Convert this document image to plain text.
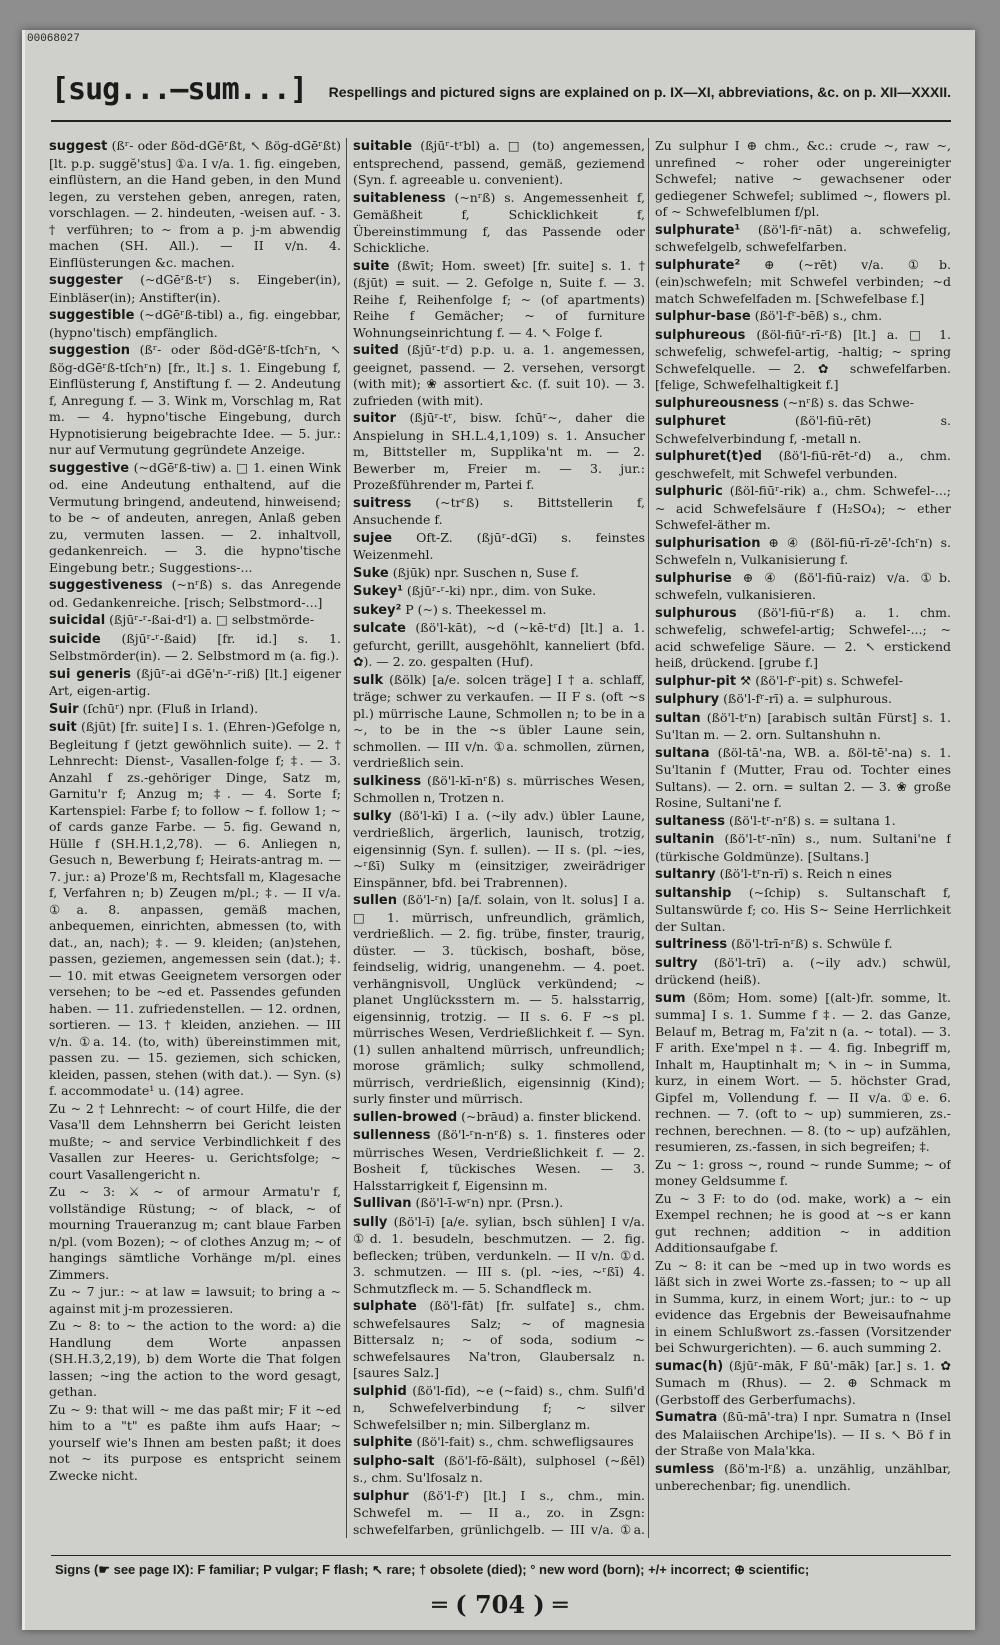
00068027
[sug...—sum...] Respellings and pictured signs are explained on p. IX—XI, abbreviations, &c. on p. XII—XXXII.
suggest (ßʳ- oder ßöd-dGēʳßt, ↖ ßög-dGēʳßt) [lt. p.p. suggĕ'stus] ①a. I v/a. 1. fig. eingeben, einflüstern, an die Hand geben, in den Mund legen, zu verstehen geben, anregen, raten, vorschlagen. — 2. hindeuten, -weisen auf. - 3. † verführen; to ~ from a p. j-m abwendig machen (SH. All.). — II v/n. 4. Einflüsterungen &c. machen.
suggester (~dGēʳß-tʳ) s. Eingeber(in), Einbläser(in); Anstifter(in).
suggestible (~dGēʳß-tibl) a., fig. eingebbar, (hypno'tisch) empfänglich.
suggestion (ßʳ- oder ßöd-dGēʳß-tſchʳn, ↖ ßög-dGēʳß-tſchʳn) [fr., lt.] s. 1. Eingebung f, Einflüsterung f, Anstiftung f. — 2. Andeutung f, Anregung f. — 3. Wink m, Vorschlag m, Rat m. — 4. hypno'tische Eingebung, durch Hypnotisierung beigebrachte Idee. — 5. jur.: nur auf Vermutung gegründete Anzeige.
suggestive (~dGēʳß-tiw) a. □ 1. einen Wink od. eine Andeutung enthaltend, auf die Vermutung bringend, andeutend, hinweisend; to be ~ of andeuten, anregen, Anlaß geben zu, vermuten lassen. — 2. inhaltvoll, gedankenreich. — 3. die hypno'tische Eingebung betr.; Suggestions-...
suggestiveness (~nʳß) s. das Anregende od. Gedankenreiche. [risch; Selbstmord-...]
suicidal (ßjūʳ-ʳ-ßai-dʳl) a. □ selbstmörde-
suicide (ßjūʳ-ʳ-ßaid) [fr. id.] s. 1. Selbstmörder(in). — 2. Selbstmord m (a. fig.).
sui generis (ßjūʳ-ai dGē'n-ʳ-riß) [lt.] eigener Art, eigen-artig.
Suir (ſchūʳ) npr. (Fluß in Irland).
suit (ßjūt) [fr. suite] I s. 1. (Ehren-)Gefolge n, Begleitung f (jetzt gewöhnlich suite). — 2. † Lehnrecht: Dienst-, Vasallen-folge f; ‡. — 3. Anzahl f zs.-gehöriger Dinge, Satz m, Garnitu'r f; Anzug m; ‡. — 4. Sorte f; Kartenspiel: Farbe f; to follow ~ f. follow 1; ~ of cards ganze Farbe. — 5. fig. Gewand n, Hülle f (SH.H.1,2,78). — 6. Anliegen n, Gesuch n, Bewerbung f; Heirats-antrag m. — 7. jur.: a) Proze'ß m, Rechtsfall m, Klagesache f, Verfahren n; b) Zeugen m/pl.; ‡. — II v/a. ①a. 8. anpassen, gemäß machen, anbequemen, einrichten, abmessen (to, with dat., an, nach); ‡. — 9. kleiden; (an)stehen, passen, geziemen, angemessen sein (dat.); ‡. — 10. mit etwas Geeignetem versorgen oder versehen; to be ~ed et. Passendes gefunden haben. — 11. zufriedenstellen. — 12. ordnen, sortieren. — 13. † kleiden, anziehen. — III v/n. ①a. 14. (to, with) übereinstimmen mit, passen zu. — 15. geziemen, sich schicken, kleiden, passen, stehen (with dat.). — Syn. (s) f. accommodate¹ u. (14) agree.
Zu ~ 2 † Lehnrecht: ~ of court Hilfe, die der Vasa'll dem Lehnsherrn bei Gericht leisten mußte; ~ and service Verbindlichkeit f des Vasallen zur Heeres- u. Gerichtsfolge; ~ court Vasallengericht n.
Zu ~ 3: ⚔ ~ of armour Armatu'r f, vollständige Rüstung; ~ of black, ~ of mourning Traueranzug m; cant blaue Farben n/pl. (vom Bozen); ~ of clothes Anzug m; ~ of hangings sämtliche Vorhänge m/pl. eines Zimmers.
Zu ~ 7 jur.: ~ at law = lawsuit; to bring a ~ against mit j-m prozessieren.
Zu ~ 8: to ~ the action to the word: a) die Handlung dem Worte anpassen (SH.H.3,2,19), b) dem Worte die That folgen lassen; ~ing the action to the word gesagt, gethan.
Zu ~ 9: that will ~ me das paßt mir; F it ~ed him to a "t" es paßte ihm aufs Haar; ~ yourself wie's Ihnen am besten paßt; it does not ~ its purpose es entspricht seinem Zwecke nicht.
suitable (ßjūʳ-tʳbl) a. □ (to) angemessen, entsprechend, passend, gemäß, geziemend (Syn. f. agreeable u. convenient).
suitableness (~nʳß) s. Angemessenheit f, Gemäßheit f, Schicklichkeit f, Übereinstimmung f, das Passende oder Schickliche.
suite (ßwīt; Hom. sweet) [fr. suite] s. 1. † (ßjūt) = suit. — 2. Gefolge n, Suite f. — 3. Reihe f, Reihenfolge f; ~ (of apartments) Reihe f Gemächer; ~ of furniture Wohnungseinrichtung f. — 4. ↖ Folge f.
suited (ßjūʳ-tʳd) p.p. u. a. 1. angemessen, geeignet, passend. — 2. versehen, versorgt (with mit); ❀ assortiert &c. (f. suit 10). — 3. zufrieden (with mit).
suitor (ßjūʳ-tʳ, bisw. ſchūʳ~, daher die Anspielung in SH.L.4,1,109) s. 1. Ansucher m, Bittsteller m, Supplika'nt m. — 2. Bewerber m, Freier m. — 3. jur.: Prozeßführender m, Partei f.
suitress (~trʳß) s. Bittstellerin f, Ansuchende f.
sujee Oft-Z. (ßjūʳ-dGī) s. feinstes Weizenmehl.
Suke (ßjūk) npr. Suschen n, Suse f.
Sukey¹ (ßjūʳ-ʳ-ki) npr., dim. von Suke.
sukey² P (~) s. Theekessel m.
sulcate (ßö'l-kāt), ~d (~kē-tʳd) [lt.] a. 1. gefurcht, gerillt, ausgehöhlt, kanneliert (bfd. ✿). — 2. zo. gespalten (Huf).
sulk (ßölk) [a/e. solcen träge] I † a. schlaff, träge; schwer zu verkaufen. — II F s. (oft ~s pl.) mürrische Laune, Schmollen n; to be in a ~, to be in the ~s übler Laune sein, schmollen. — III v/n. ①a. schmollen, zürnen, verdrießlich sein.
sulkiness (ßö'l-kī-nʳß) s. mürrisches Wesen, Schmollen n, Trotzen n.
sulky (ßö'l-kī) I a. (~ily adv.) übler Laune, verdrießlich, ärgerlich, launisch, trotzig, eigensinnig (Syn. f. sullen). — II s. (pl. ~ies, ~ʳßī) Sulky m (einsitziger, zweirädriger Einspänner, bfd. bei Trabrennen).
sullen (ßö'l-ʳn) [a/f. solain, von lt. solus] I a. □ 1. mürrisch, unfreundlich, grämlich, verdrießlich. — 2. fig. trübe, finster, traurig, düster. — 3. tückisch, boshaft, böse, feindselig, widrig, unangenehm. — 4. poet. verhängnisvoll, Unglück verkündend; ~ planet Unglücksstern m. — 5. halsstarrig, eigensinnig, trotzig. — II s. 6. F ~s pl. mürrisches Wesen, Verdrießlichkeit f. — Syn. (1) sullen anhaltend mürrisch, unfreundlich; morose grämlich; sulky schmollend, mürrisch, verdrießlich, eigensinnig (Kind); surly finster und mürrisch.
sullen-browed (~brāud) a. finster blickend.
sullenness (ßö'l-ʳn-nʳß) s. 1. finsteres oder mürrisches Wesen, Verdrießlichkeit f. — 2. Bosheit f, tückisches Wesen. — 3. Halsstarrigkeit f, Eigensinn m.
Sullivan (ßö'l-ī-wʳn) npr. (Prsn.).
sully (ßö'l-ī) [a/e. sylian, bsch sühlen] I v/a. ①d. 1. besudeln, beschmutzen. — 2. fig. beflecken; trüben, verdunkeln. — II v/n. ①d. 3. schmutzen. — III s. (pl. ~ies, ~ʳßī) 4. Schmutzfleck m. — 5. Schandfleck m.
sulphate (ßö'l-fāt) [fr. sulfate] s., chm. schwefelsaures Salz; ~ of magnesia Bittersalz n; ~ of soda, sodium ~ schwefelsaures Na'tron, Glaubersalz n. [saures Salz.]
sulphid (ßö'l-fīd), ~e (~faid) s., chm. Sulfi'd n, Schwefelverbindung f; ~ silver Schwefelsilber n; min. Silberglanz m.
sulphite (ßö'l-fait) s., chm. schwefligsaures
sulpho-salt (ßö'l-fō-ßält), sulphosel (~ßēl) s., chm. Su'lfosalz n.
sulphur (ßö'l-fʳ) [lt.] I s., chm., min. Schwefel m. — II a., zo. in Zsgn: schwefelfarben, grünlichgelb. — III v/a. ①a.
Zu sulphur I ⊕ chm., &c.: crude ~, raw ~, unrefined ~ roher oder ungereinigter Schwefel; native ~ gewachsener oder gediegener Schwefel; sublimed ~, flowers pl. of ~ Schwefelblumen f/pl.
sulphurate¹ (ßö'l-fiʳ-nāt) a. schwefelig, schwefelgelb, schwefelfarben.
sulphurate² ⊕ (~rēt) v/a. ①b. (ein)schwefeln; mit Schwefel verbinden; ~d match Schwefelfaden m. [Schwefelbase f.]
sulphur-base (ßö'l-fʳ-bēß) s., chm.
sulphureous (ßöl-fiūʳ-rī-ʳß) [lt.] a. □ 1. schwefelig, schwefel-artig, -haltig; ~ spring Schwefelquelle. — 2. ✿ schwefelfarben. [felige, Schwefelhaltigkeit f.]
sulphureousness (~nʳß) s. das Schwe-
sulphuret	(ßö'l-fiū-rēt) s. Schwefelverbindung f, -metall n.
sulphuret(t)ed (ßö'l-fiū-rēt-ʳd) a., chm. geschwefelt, mit Schwefel verbunden.
sulphuric (ßöl-fiūʳ-rik) a., chm. Schwefel-...; ~ acid Schwefelsäure f (H₂SO₄); ~ ether Schwefel-äther m.
sulphurisation ⊕ ④ (ßöl-fiū-rī-zē'-ſchʳn) s. Schwefeln n, Vulkanisierung f.
sulphurise ⊕ ④ (ßö'l-fiū-raiz) v/a. ①b. schwefeln, vulkanisieren.
sulphurous (ßö'l-fiū-rʳß) a. 1. chm. schwefelig, schwefel-artig; Schwefel-...; ~ acid schwefelige Säure. — 2. ↖ erstickend heiß, drückend. [grube f.]
sulphur-pit ⚒ (ßö'l-fʳ-pit) s. Schwefel-
sulphury (ßö'l-fʳ-rī) a. = sulphurous.
sultan (ßö'l-tʳn) [arabisch sultān Fürst] s. 1. Su'ltan m. — 2. orn. Sultanshuhn n.
sultana (ßöl-tā'-na, WB. a. ßöl-tē'-na) s. 1. Su'ltanin f (Mutter, Frau od. Tochter eines Sultans). — 2. orn. = sultan 2. — 3. ❀ große Rosine, Sultani'ne f.
sultaness (ßö'l-tʳ-nʳß) s. = sultana 1.
sultanin (ßö'l-tʳ-nīn) s., num. Sultani'ne f (türkische Goldmünze). [Sultans.]
sultanry (ßö'l-tʳn-rī) s. Reich n eines
sultanship (~ſchip) s. Sultanschaft f, Sultanswürde f; co. His S~ Seine Herrlichkeit der Sultan.
sultriness (ßö'l-trī-nʳß) s. Schwüle f.
sultry (ßö'l-trī) a. (~ily adv.) schwül, drückend (heiß).
sum (ßöm; Hom. some) [(alt-)fr. somme, lt. summa] I s. 1. Summe f ‡. — 2. das Ganze, Belauf m, Betrag m, Fa'zit n (a. ~ total). — 3. F arith. Exe'mpel n ‡. — 4. fig. Inbegriff m, Inhalt m, Hauptinhalt m; ↖ in ~ in Summa, kurz, in einem Wort. — 5. höchster Grad, Gipfel m, Vollendung f. — II v/a. ①e. 6. rechnen. — 7. (oft to ~ up) summieren, zs.-rechnen, berechnen. — 8. (to ~ up) aufzählen, resumieren, zs.-fassen, in sich begreifen; ‡.
Zu ~ 1: gross ~, round ~ runde Summe; ~ of money Geldsumme f.
Zu ~ 3 F: to do (od. make, work) a ~ ein Exempel rechnen; he is good at ~s er kann gut rechnen; addition ~ in addition Additionsaufgabe f.
Zu ~ 8: it can be ~med up in two words es läßt sich in zwei Worte zs.-fassen; to ~ up all in Summa, kurz, in einem Wort; jur.: to ~ up evidence das Ergebnis der Beweisaufnahme in einem Schlußwort zs.-fassen (Vorsitzender bei Schwurgerichten). — 6. auch summing 2.
sumac(h) (ßjūʳ-māk, F ßū'-māk) [ar.] s. 1. ✿ Sumach m (Rhus). — 2. ⊕ Schmack m (Gerbstoff des Gerberfumachs).
Sumatra (ßū-mā'-tra) I npr. Sumatra n (Insel des Malaiischen Archipe'ls). — II s. ↖ Bö f in der Straße von Mala'kka.
sumless (ßö'm-lʳß) a. unzählig, unzählbar, unberechenbar; fig. unendlich.
Signs (☛ see page IX): F familiar; P vulgar; F flash; ↖ rare; † obsolete (died); ° new word (born); +/+ incorrect; ⊕ scientific;
═ ( 704 ) ═
